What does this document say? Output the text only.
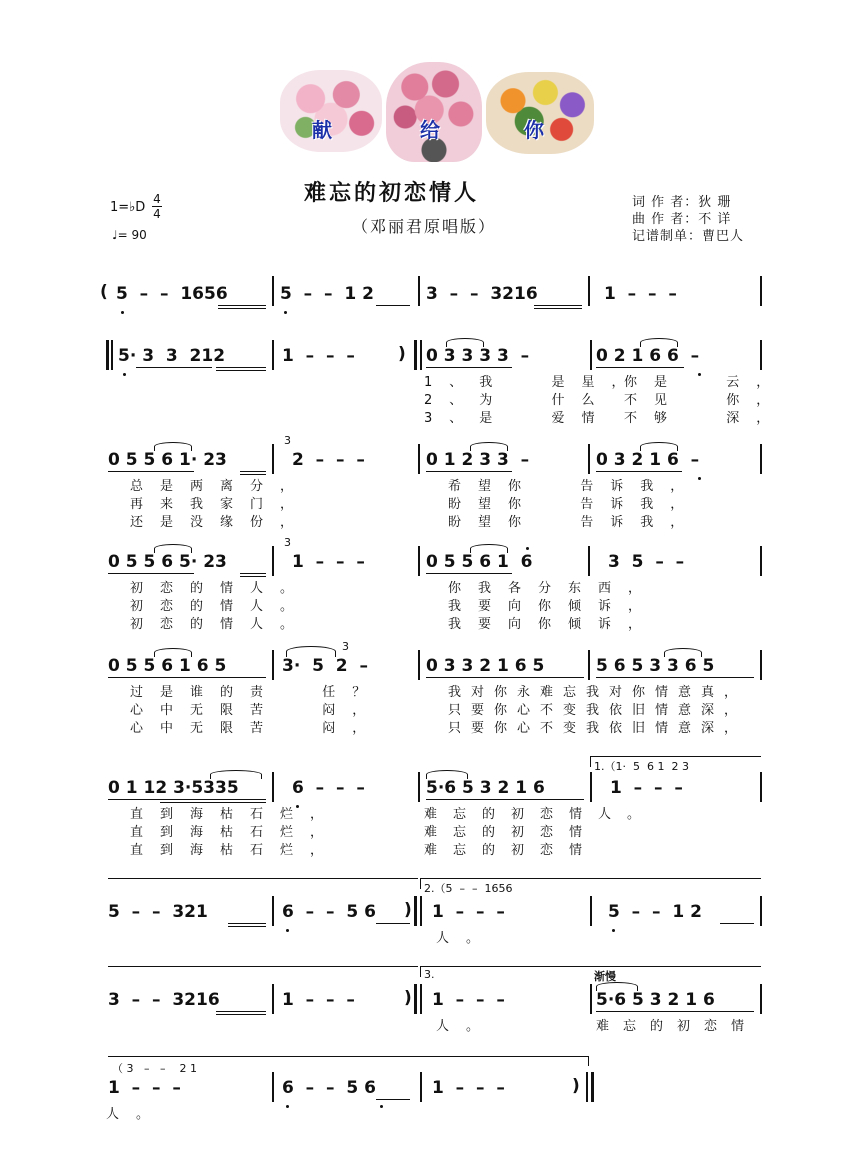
献	给	你
难忘的初恋情人
（邓丽君原唱版）
词 作 者：狄 珊
曲 作 者：不 详
记谱制单：曹巴人
1=♭D
4
4
♩= 90
( 5  –  –  1656	5  –  –  1 2	3  –  –  3216	1  –  –  –
5· 3  3  212	1  –  –  –	) 0 3 3 3 3  –	0 2 1 6 6  –
1、我  是星，
2、为  什么
3、是  爱情
你是  云，
不见  你，
不够  深，
0 5 5 6 1· 23
3
2  –  –  –	0 1 2 3 3  –	0 3 2 1 6  –
总是两离分，
再来我家门，
还是没缘份，
希望你  告诉我，
盼望你  告诉我，
盼望你  告诉我，
0 5 5 6 5· 23
3
1  –  –  –	0 5 5 6 1  6	3  5  –  –
初恋的情人。
初恋的情人。
初恋的情人。
你我各分东西，
我要向你倾诉，
我要向你倾诉，
0 5 5 6 1 6 5
3
3·  5  2  –	0 3 3 2 1 6 5	5 6 5 3 3 6 5
过是谁的责  任？
心中无限苦  闷，
心中无限苦  闷，
我对你永难忘我对你情意真，
只要你心不变我依旧情意深，
只要你心不变我依旧情意深，
1.（1·  5  6 1  2 3
0 1 12 3·5335	6  –  –  –	5·6 5 3 2 1 6	1  –  –  –
直到海枯石烂，
直到海枯石烂，
直到海枯石烂，
难忘的初恋情人。
难忘的初恋情
难忘的初恋情
2.（5  –  –  1656
5  –  –  321	6  –  –  5 6 ) 1  –  –  –	5  –  –  1 2
人。
3.	渐慢
3  –  –  3216	1  –  –  –	) 1  –  –  –	5·6 5 3 2 1 6
人。	难忘的初恋情
（ 3   –   –    2 1
1  –  –  –	6  –  –  5 6	1  –  –  –	)
人。
